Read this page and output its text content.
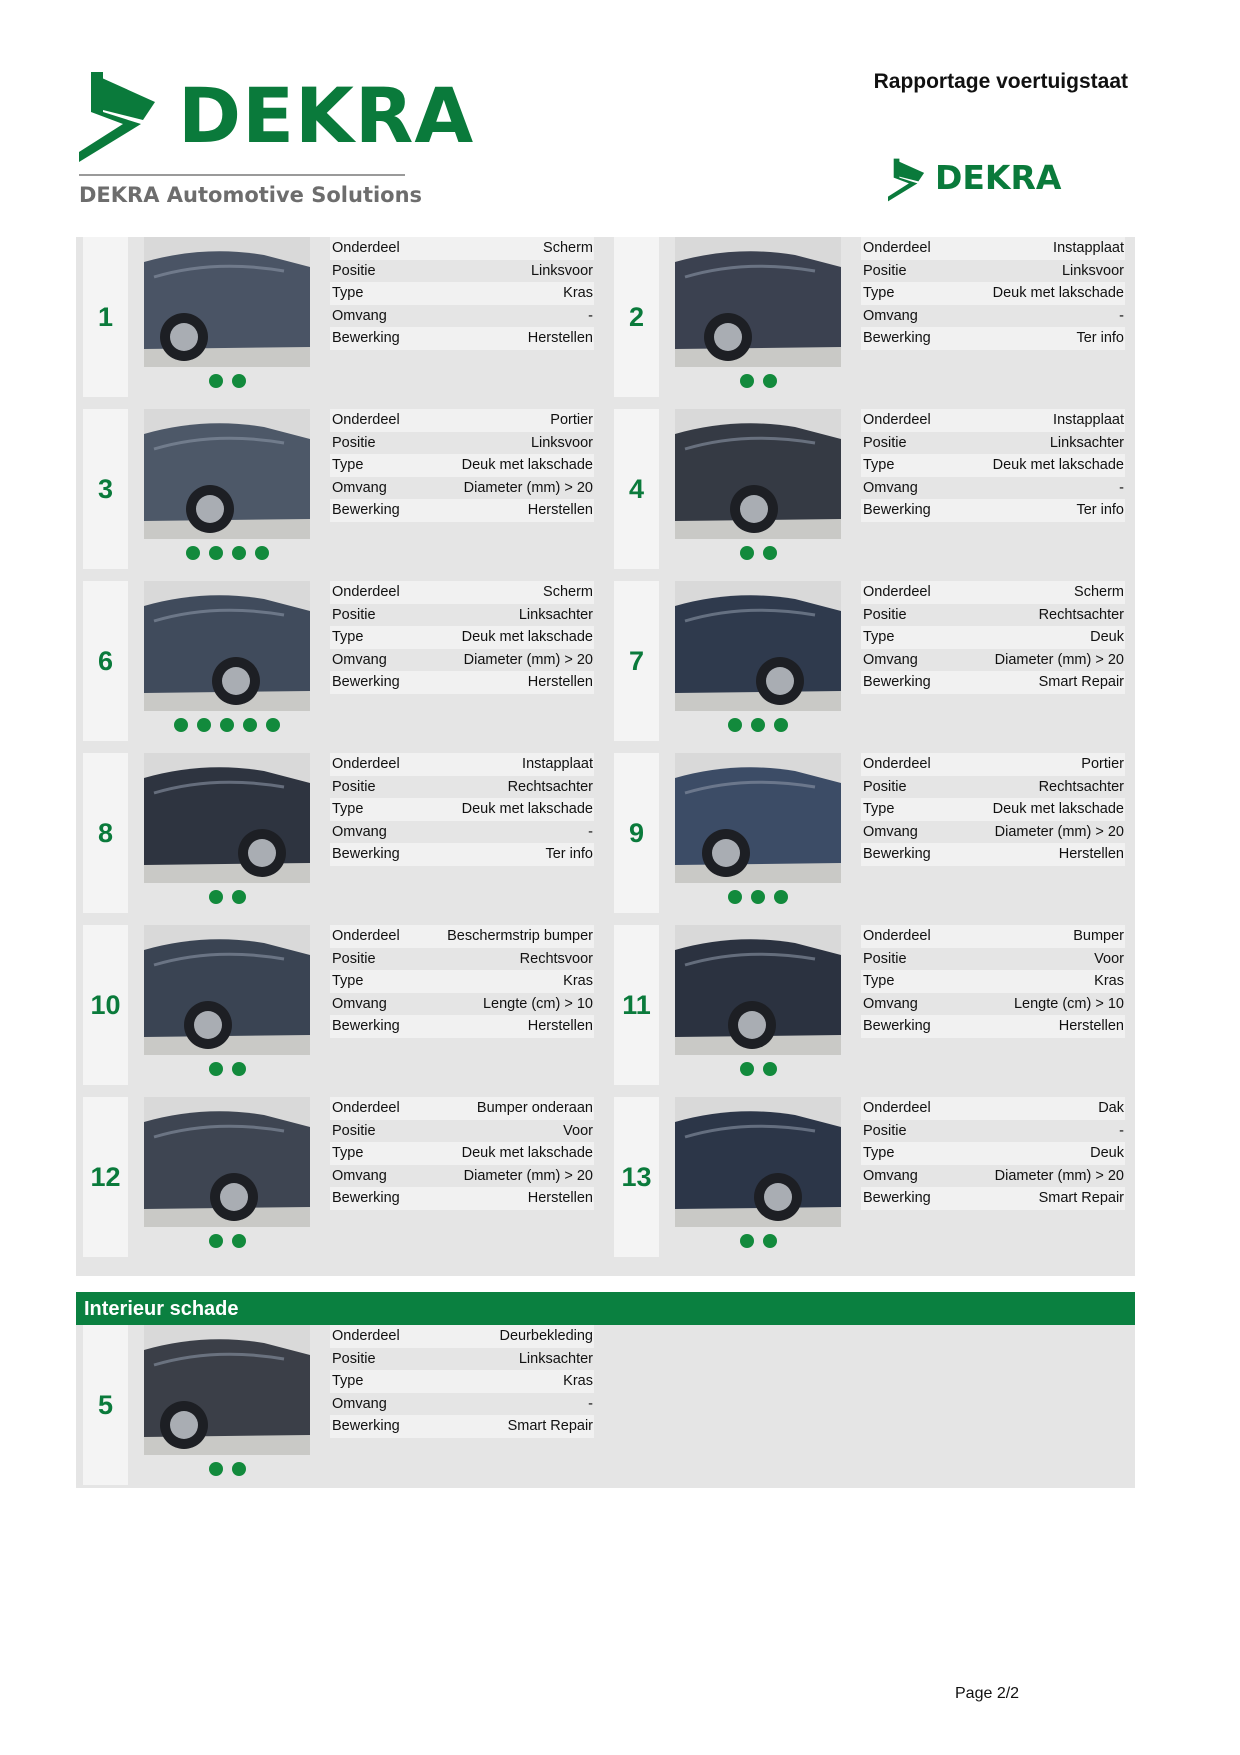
DEKRA
DEKRA Automotive Solutions
Rapportage voertuigstaat
DEKRA
1
Onderdeel	Scherm
Positie	Linksvoor
Type	Kras
Omvang	-
Bewerking	Herstellen
2
Onderdeel	Instapplaat
Positie	Linksvoor
Type	Deuk met lakschade
Omvang	-
Bewerking	Ter info
3
Onderdeel	Portier
Positie	Linksvoor
Type	Deuk met lakschade
Omvang	Diameter (mm) > 20
Bewerking	Herstellen
4
Onderdeel	Instapplaat
Positie	Linksachter
Type	Deuk met lakschade
Omvang	-
Bewerking	Ter info
6
Onderdeel	Scherm
Positie	Linksachter
Type	Deuk met lakschade
Omvang	Diameter (mm) > 20
Bewerking	Herstellen
7
Onderdeel	Scherm
Positie	Rechtsachter
Type	Deuk
Omvang	Diameter (mm) > 20
Bewerking	Smart Repair
8
Onderdeel	Instapplaat
Positie	Rechtsachter
Type	Deuk met lakschade
Omvang	-
Bewerking	Ter info
9
Onderdeel	Portier
Positie	Rechtsachter
Type	Deuk met lakschade
Omvang	Diameter (mm) > 20
Bewerking	Herstellen
10
Onderdeel	Beschermstrip bumper
Positie	Rechtsvoor
Type	Kras
Omvang	Lengte (cm) > 10
Bewerking	Herstellen
11
Onderdeel	Bumper
Positie	Voor
Type	Kras
Omvang	Lengte (cm) > 10
Bewerking	Herstellen
12
Onderdeel	Bumper onderaan
Positie	Voor
Type	Deuk met lakschade
Omvang	Diameter (mm) > 20
Bewerking	Herstellen
13
Onderdeel	Dak
Positie	-
Type	Deuk
Omvang	Diameter (mm) > 20
Bewerking	Smart Repair
Interieur schade
5
Onderdeel	Deurbekleding
Positie	Linksachter
Type	Kras
Omvang	-
Bewerking	Smart Repair
Page 2/2
